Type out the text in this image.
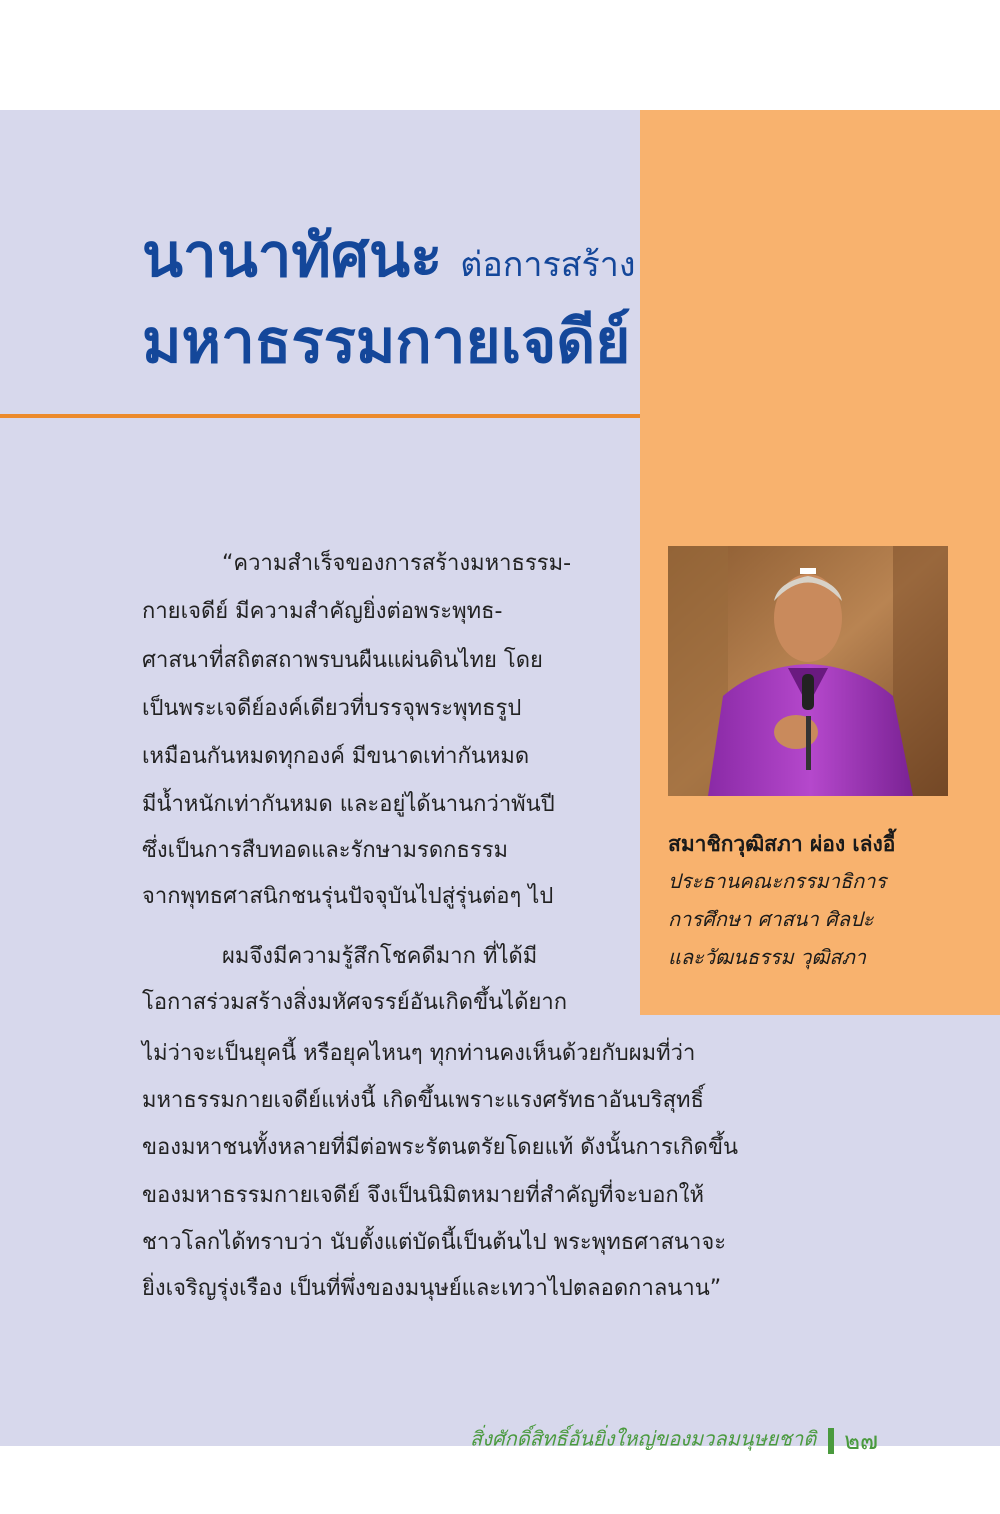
นานาทัศนะ ต่อการสร้าง
มหาธรรมกายเจดีย์
สมาชิกวุฒิสภา ผ่อง เล่งอี้
ประธานคณะกรรมาธิการ
การศึกษา ศาสนา ศิลปะ
และวัฒนธรรม วุฒิสภา
“ความสำเร็จของการสร้างมหาธรรม-
กายเจดีย์ มีความสำคัญยิ่งต่อพระพุทธ-
ศาสนาที่สถิตสถาพรบนผืนแผ่นดินไทย โดย
เป็นพระเจดีย์องค์เดียวที่บรรจุพระพุทธรูป
เหมือนกันหมดทุกองค์ มีขนาดเท่ากันหมด
มีน้ำหนักเท่ากันหมด และอยู่ได้นานกว่าพันปี
ซึ่งเป็นการสืบทอดและรักษามรดกธรรม
จากพุทธศาสนิกชนรุ่นปัจจุบันไปสู่รุ่นต่อๆ ไป
ผมจึงมีความรู้สึกโชคดีมาก ที่ได้มี
โอกาสร่วมสร้างสิ่งมหัศจรรย์อันเกิดขึ้นได้ยาก
ไม่ว่าจะเป็นยุคนี้ หรือยุคไหนๆ ทุกท่านคงเห็นด้วยกับผมที่ว่า
มหาธรรมกายเจดีย์แห่งนี้ เกิดขึ้นเพราะแรงศรัทธาอันบริสุทธิ์
ของมหาชนทั้งหลายที่มีต่อพระรัตนตรัยโดยแท้ ดังนั้นการเกิดขึ้น
ของมหาธรรมกายเจดีย์ จึงเป็นนิมิตหมายที่สำคัญที่จะบอกให้
ชาวโลกได้ทราบว่า นับตั้งแต่บัดนี้เป็นต้นไป พระพุทธศาสนาจะ
ยิ่งเจริญรุ่งเรือง เป็นที่พึ่งของมนุษย์และเทวาไปตลอดกาลนาน”
สิ่งศักดิ์สิทธิ์อันยิ่งใหญ่ของมวลมนุษยชาติ ๒๗
